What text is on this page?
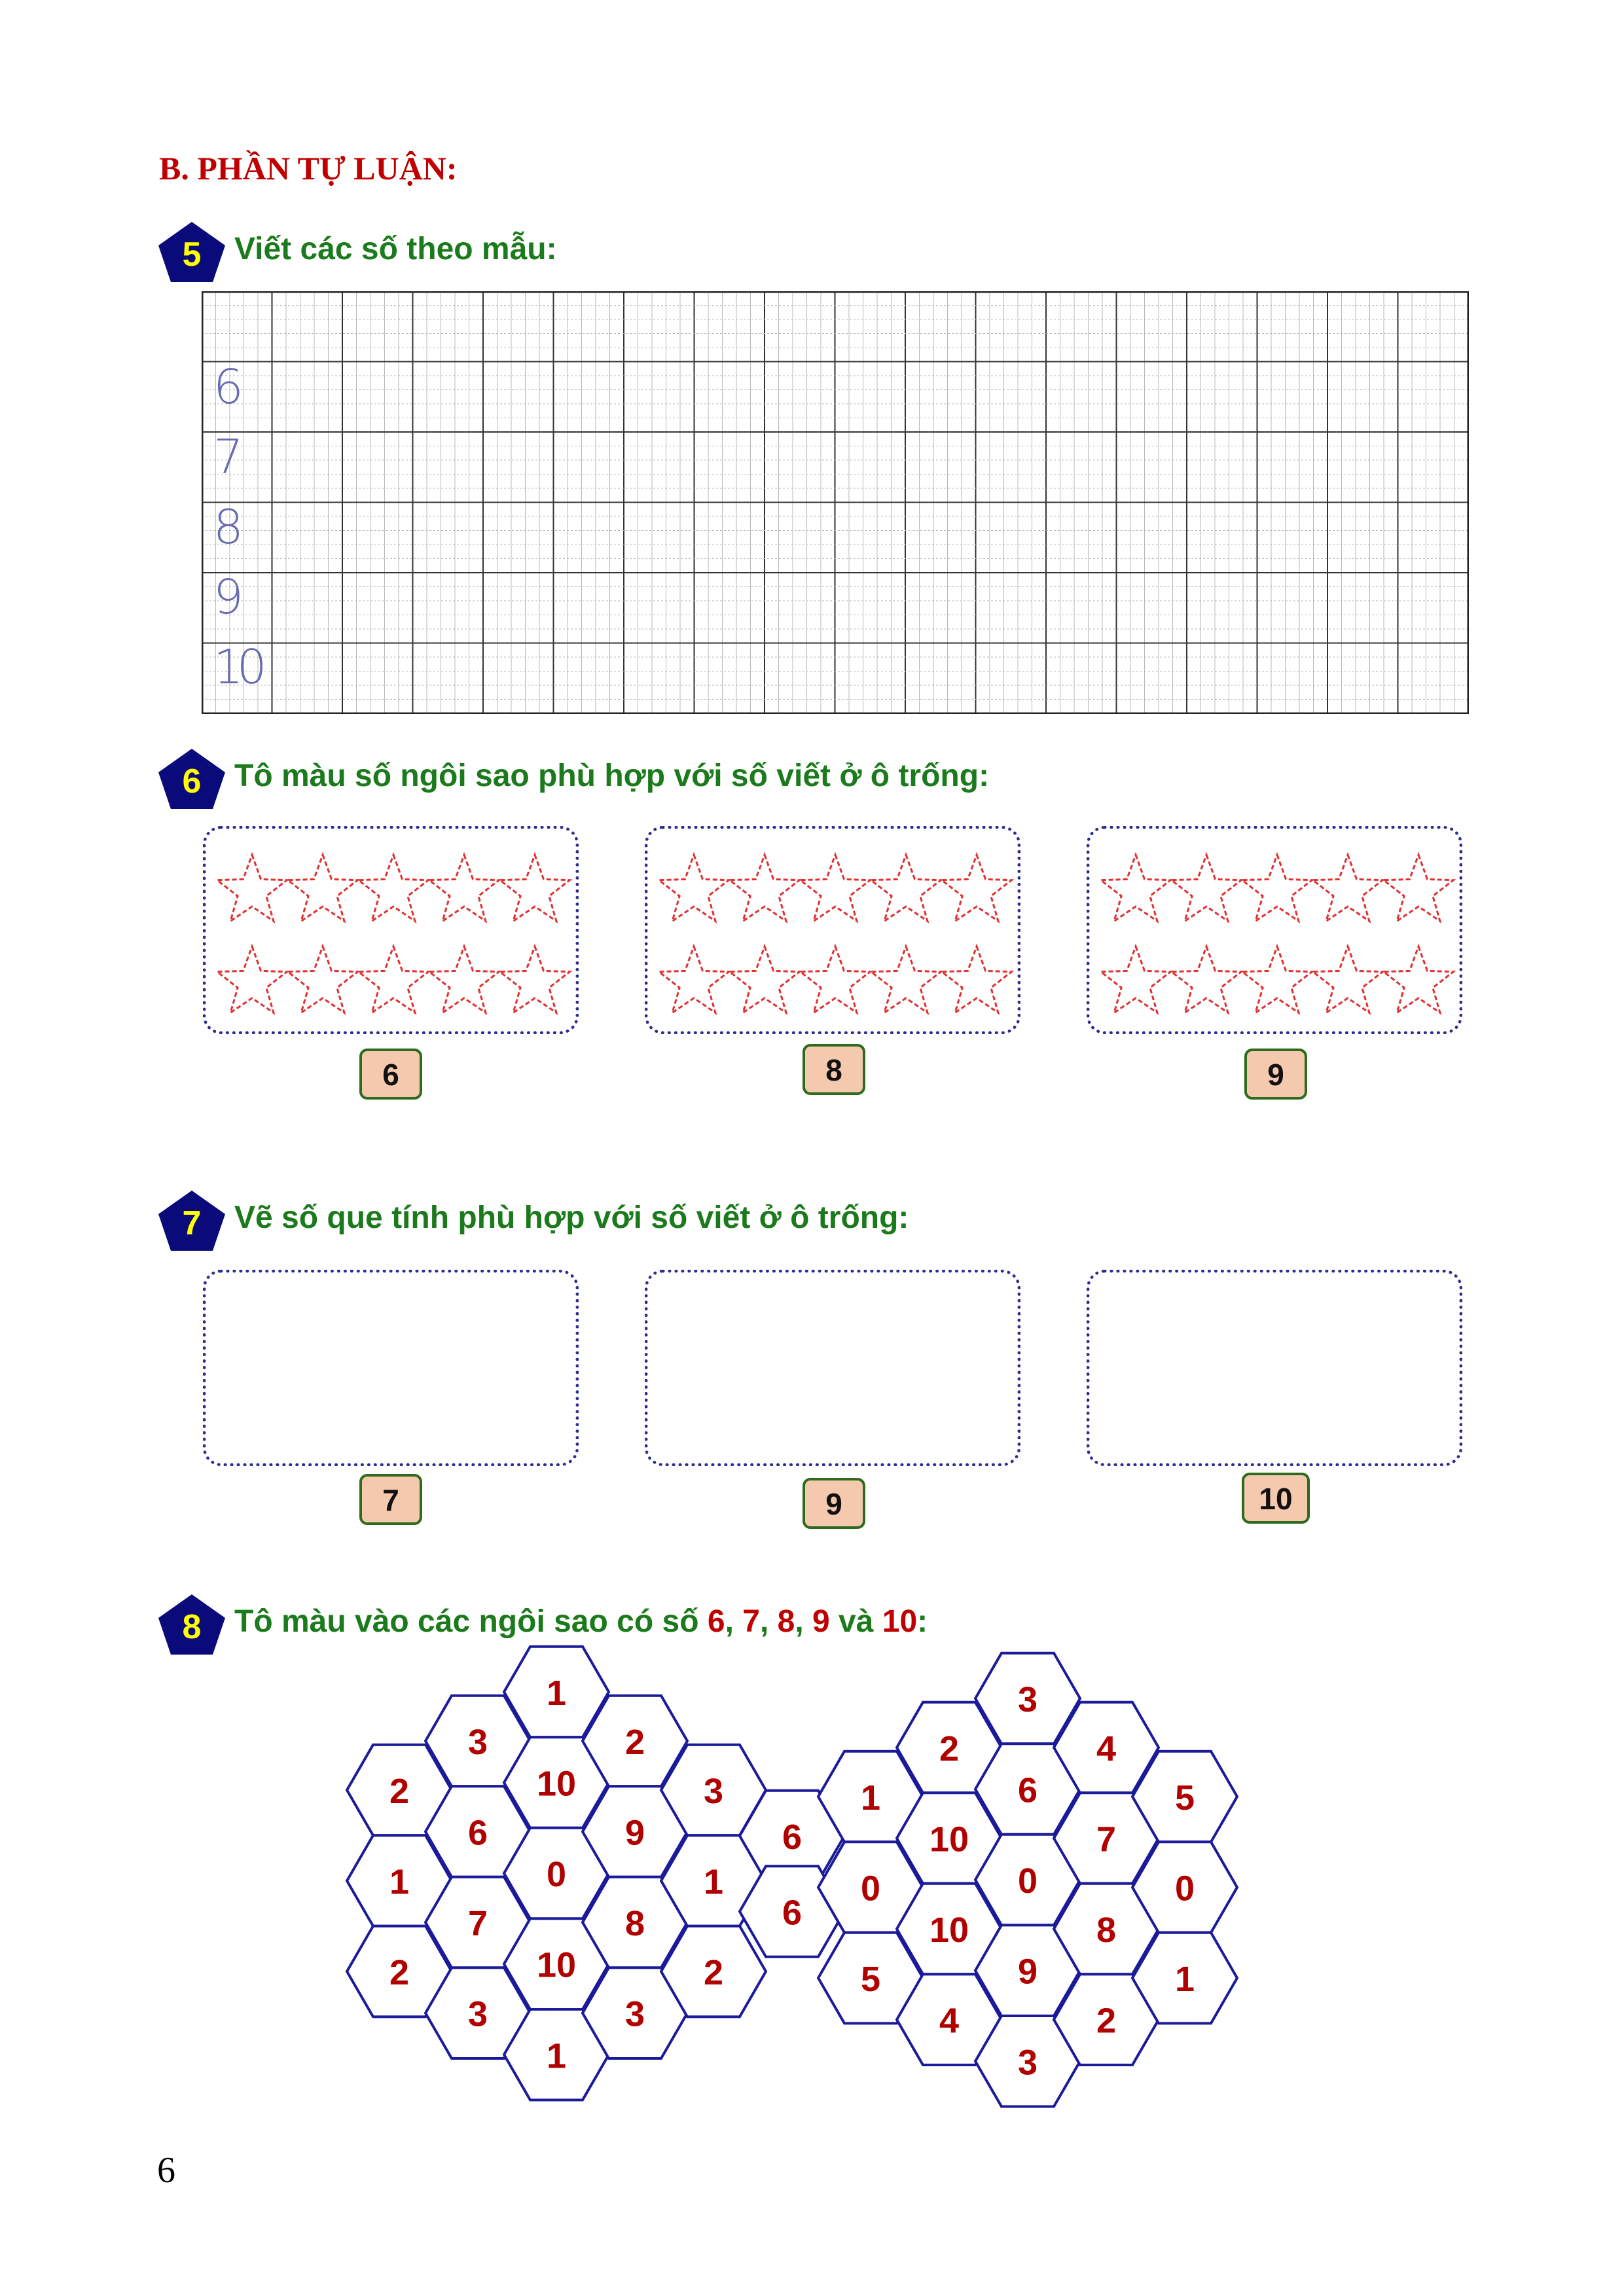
B. PHẦN TỰ LUẬN:
5	Viết các số theo mẫu:
6
7
8
9
10
6	Tô màu số ngôi sao phù hợp với số viết ở ô trống:
6	8	9
7	Vẽ số que tính phù hợp với số viết ở ô trống:
7	9	10
8	Tô màu vào các ngôi sao có số 6, 7, 8, 9 và 10:
2
1
2
3
6
7
3
1
10
0
10
1
2
9
8
3
3
1
2
6
6
1
0
5
2
10
10
4
3
6
0
9
3
4
7
8
2
5
0
1
6
